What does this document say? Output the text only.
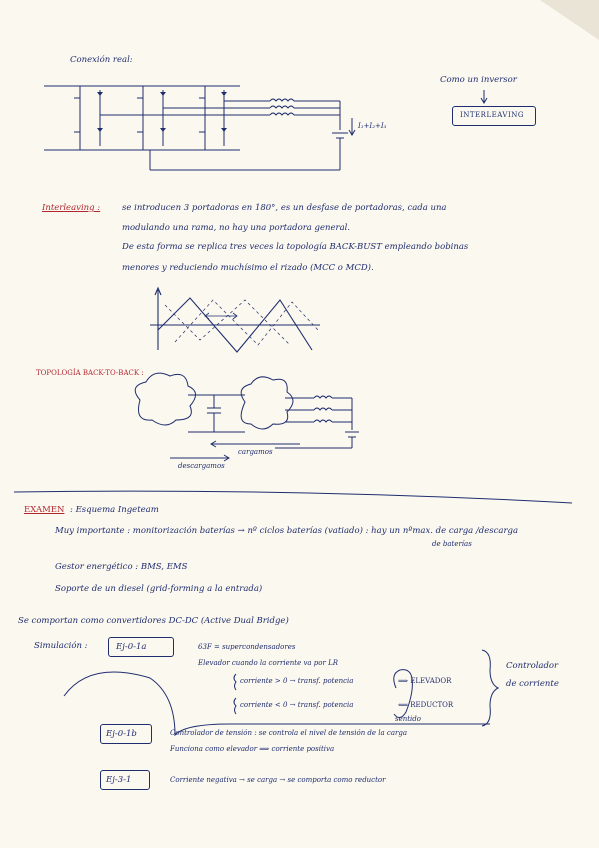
Conexión real:
I₁+I₂+I₃
Como un inversor
INTERLEAVING
Interleaving :	se introducen 3 portadoras en 180°, es un desfase de portadoras, cada una
modulando una rama, no hay una portadora general.
De esta forma se replica tres veces la topología BACK-BUST empleando bobinas
menores y reduciendo muchísimo el rizado (MCC o MCD).
TOPOLOGÍA BACK-TO-BACK :
cargamos
descargamos
EXAMEN : Esquema Ingeteam
Muy importante : monitorización baterías → nº ciclos baterías (vatiado) : hay un nºmax. de carga /descarga
de baterías
Gestor energético : BMS, EMS
Soporte de un diesel (grid-forming a la entrada)
Se comportan como convertidores DC-DC (Active Dual Bridge)
Simulación :	Ej-0-1a	63F = supercondensadores
Elevador cuando la corriente va por LR
corriente > 0 → transf. potencia	⟹ ELEVADOR
corriente < 0 → transf. potencia	⟸ REDUCTOR
sentido
Controlador
de corriente
Ej-0-1b	Controlador de tensión : se controla el nivel de tensión de la carga
Funciona como elevador ⟹ corriente positiva
Ej-3-1	Corriente negativa → se carga → se comporta como reductor
